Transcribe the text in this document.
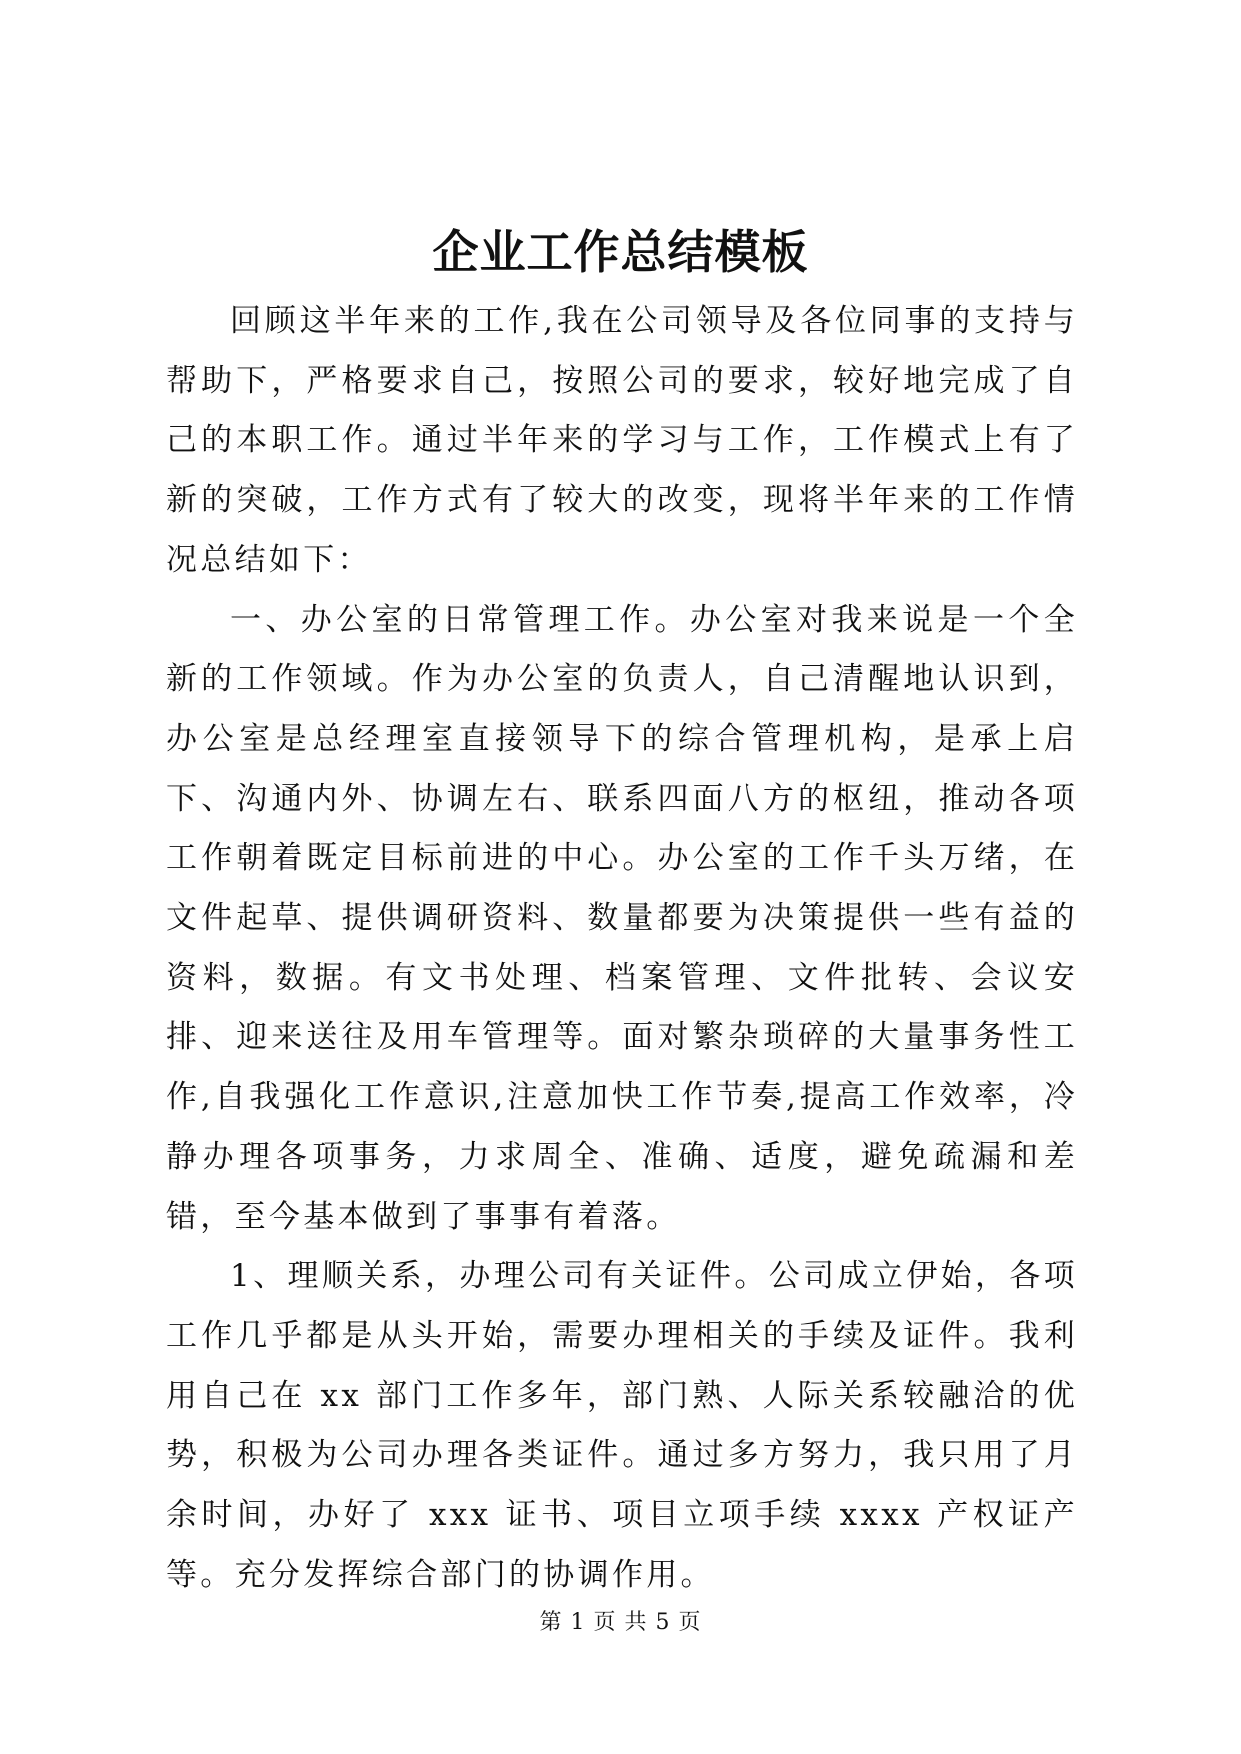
企业工作总结模板

回顾这半年来的工作,我在公司领导及各位同事的支持与帮助下，严格要求自己，按照公司的要求，较好地完成了自己的本职工作。通过半年来的学习与工作，工作模式上有了新的突破，工作方式有了较大的改变，现将半年来的工作情况总结如下：

一、办公室的日常管理工作。办公室对我来说是一个全新的工作领域。作为办公室的负责人，自己清醒地认识到，办公室是总经理室直接领导下的综合管理机构，是承上启下、沟通内外、协调左右、联系四面八方的枢纽，推动各项工作朝着既定目标前进的中心。办公室的工作千头万绪，在文件起草、提供调研资料、数量都要为决策提供一些有益的资料，数据。有文书处理、档案管理、文件批转、会议安排、迎来送往及用车管理等。面对繁杂琐碎的大量事务性工作,自我强化工作意识,注意加快工作节奏,提高工作效率，冷静办理各项事务，力求周全、准确、适度，避免疏漏和差错，至今基本做到了事事有着落。

1、理顺关系，办理公司有关证件。公司成立伊始，各项工作几乎都是从头开始，需要办理相关的手续及证件。我利用自己在 xx 部门工作多年，部门熟、人际关系较融洽的优势，积极为公司办理各类证件。通过多方努力，我只用了月余时间，办好了 xxx 证书、项目立项手续 xxxx 产权证产等。充分发挥综合部门的协调作用。

第 1 页 共 5 页
